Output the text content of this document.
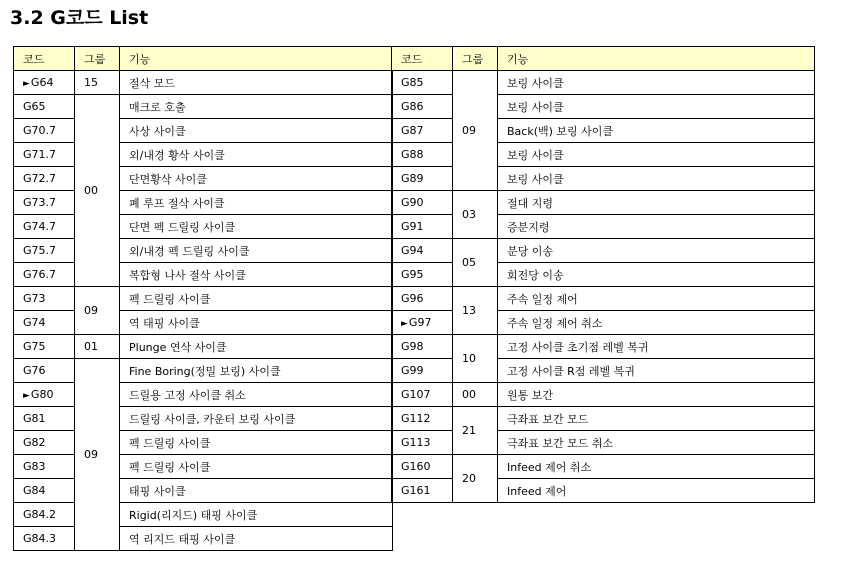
3.2 G코드 List
코드	그룹	기능
►G64	15	절삭 모드
G65	00	매크로 호출
G70.7		사상 사이클
G71.7		외/내경 황삭 사이클
G72.7		단면황삭 사이클
G73.7		폐 루프 절삭 사이클
G74.7		단면 펙 드릴링 사이클
G75.7		외/내경 펙 드릴링 사이클
G76.7		복합형 나사 절삭 사이클
G73	09	펙 드릴링 사이클
G74		역 태핑 사이클
G75	01	Plunge 연삭 사이클
G76	09	Fine Boring(정밀 보링) 사이클
►G80		드릴용 고정 사이클 취소
G81		드릴링 사이클, 카운터 보링 사이클
G82		펙 드릴링 사이클
G83		펙 드릴링 사이클
G84		태핑 사이클
G84.2		Rigid(리지드) 태핑 사이클
G84.3		역 리지드 태핑 사이클
코드	그룹	기능
G85	09	보링 사이클
G86		보링 사이클
G87		Back(백) 보링 사이클
G88		보링 사이클
G89		보링 사이클
G90	03	절대 지령
G91		증분지령
G94	05	분당 이송
G95		회전당 이송
G96	13	주속 일정 제어
►G97		주속 일정 제어 취소
G98	10	고정 사이클 초기점 레벨 복귀
G99		고정 사이클 R점 레벨 복귀
G107	00	원통 보간
G112	21	극좌표 보간 모드
G113		극좌표 보간 모드 취소
G160	20	Infeed 제어 취소
G161		Infeed 제어
